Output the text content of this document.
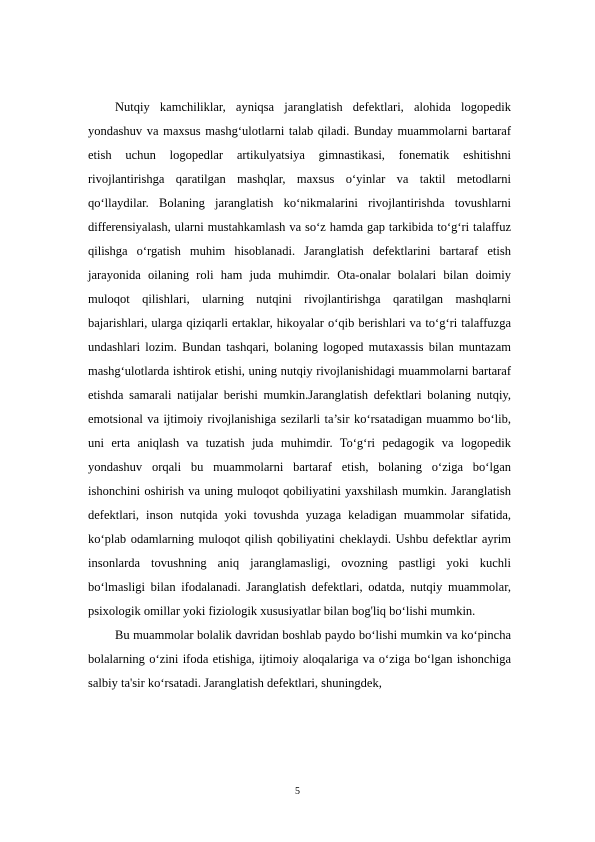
Nutqiy kamchiliklar, ayniqsa jaranglatish defektlari, alohida logopedik yondashuv va maxsus mashg‘ulotlarni talab qiladi. Bunday muammolarni bartaraf etish uchun logopedlar artikulyatsiya gimnastikasi, fonematik eshitishni rivojlantirishga qaratilgan mashqlar, maxsus o‘yinlar va taktil metodlarni qo‘llaydilar. Bolaning jaranglatish ko‘nikmalarini rivojlantirishda tovushlarni differensiyalash, ularni mustahkamlash va so‘z hamda gap tarkibida to‘g‘ri talaffuz qilishga o‘rgatish muhim hisoblanadi. Jaranglatish defektlarini bartaraf etish jarayonida oilaning roli ham juda muhimdir. Ota-onalar bolalari bilan doimiy muloqot qilishlari, ularning nutqini rivojlantirishga qaratilgan mashqlarni bajarishlari, ularga qiziqarli ertaklar, hikoyalar o‘qib berishlari va to‘g‘ri talaffuzga undashlari lozim. Bundan tashqari, bolaning logoped mutaxassis bilan muntazam mashg‘ulotlarda ishtirok etishi, uning nutqiy rivojlanishidagi muammolarni bartaraf etishda samarali natijalar berishi mumkin.Jaranglatish defektlari bolaning nutqiy, emotsional va ijtimoiy rivojlanishiga sezilarli ta’sir ko‘rsatadigan muammo bo‘lib, uni erta aniqlash va tuzatish juda muhimdir. To‘g‘ri pedagogik va logopedik yondashuv orqali bu muammolarni bartaraf etish, bolaning o‘ziga bo‘lgan ishonchini oshirish va uning muloqot qobiliyatini yaxshilash mumkin. Jaranglatish defektlari, inson nutqida yoki tovushda yuzaga keladigan muammolar sifatida, ko‘plab odamlarning muloqot qilish qobiliyatini cheklaydi. Ushbu defektlar ayrim insonlarda tovushning aniq jaranglamasligi, ovozning pastligi yoki kuchli bo‘lmasligi bilan ifodalanadi. Jaranglatish defektlari, odatda, nutqiy muammolar, psixologik omillar yoki fiziologik xususiyatlar bilan bog'liq bo‘lishi mumkin.

Bu muammolar bolalik davridan boshlab paydo bo‘lishi mumkin va ko‘pincha bolalarning o‘zini ifoda etishiga, ijtimoiy aloqalariga va o‘ziga bo‘lgan ishonchiga salbiy ta'sir ko‘rsatadi. Jaranglatish defektlari, shuningdek,

5
